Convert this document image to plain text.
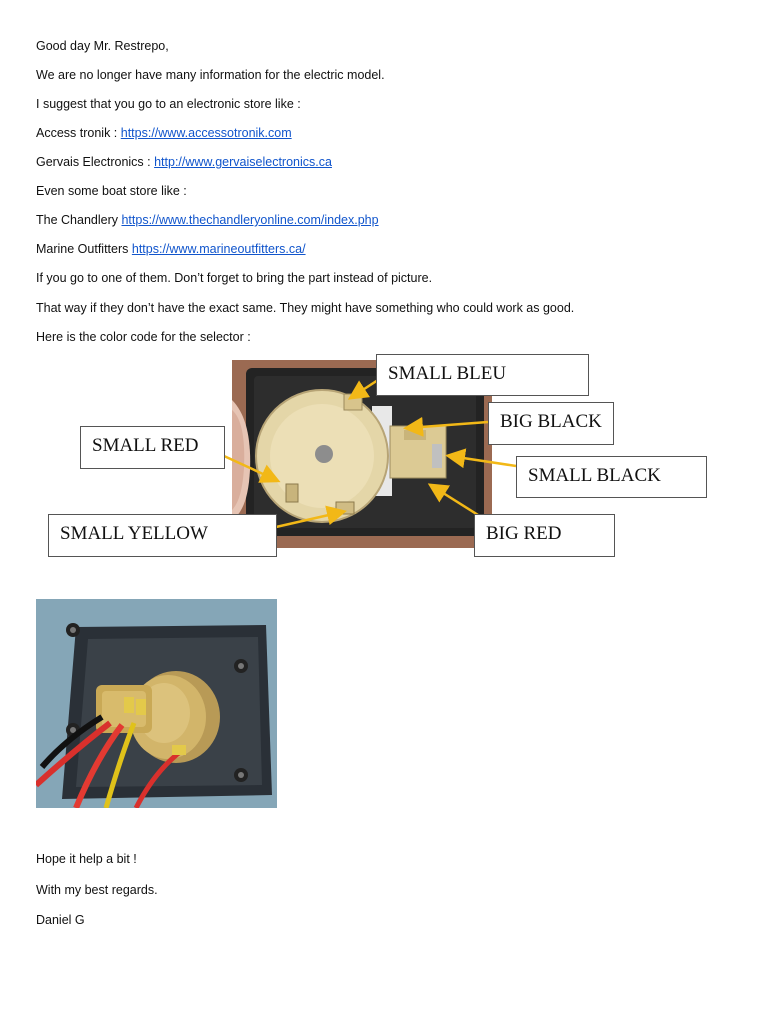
Good day Mr. Restrepo,
We are no longer have many information for the electric model.
I suggest that you go to an electronic store like :
Access tronik : https://www.accessotronik.com
Gervais Electronics : http://www.gervaiselectronics.ca
Even some boat store like :
The Chandlery https://www.thechandleryonline.com/index.php
Marine Outfitters https://www.marineoutfitters.ca/
If you go to one of them. Don’t forget to bring the part instead of picture.
That way if they don’t have the exact same. They might have something who could work as good.
Here is the color code for the selector :
SMALL BLEU
BIG BLACK
SMALL RED
SMALL BLACK
SMALL YELLOW	BIG RED
Hope it help a bit !
With my best regards.
Daniel G
